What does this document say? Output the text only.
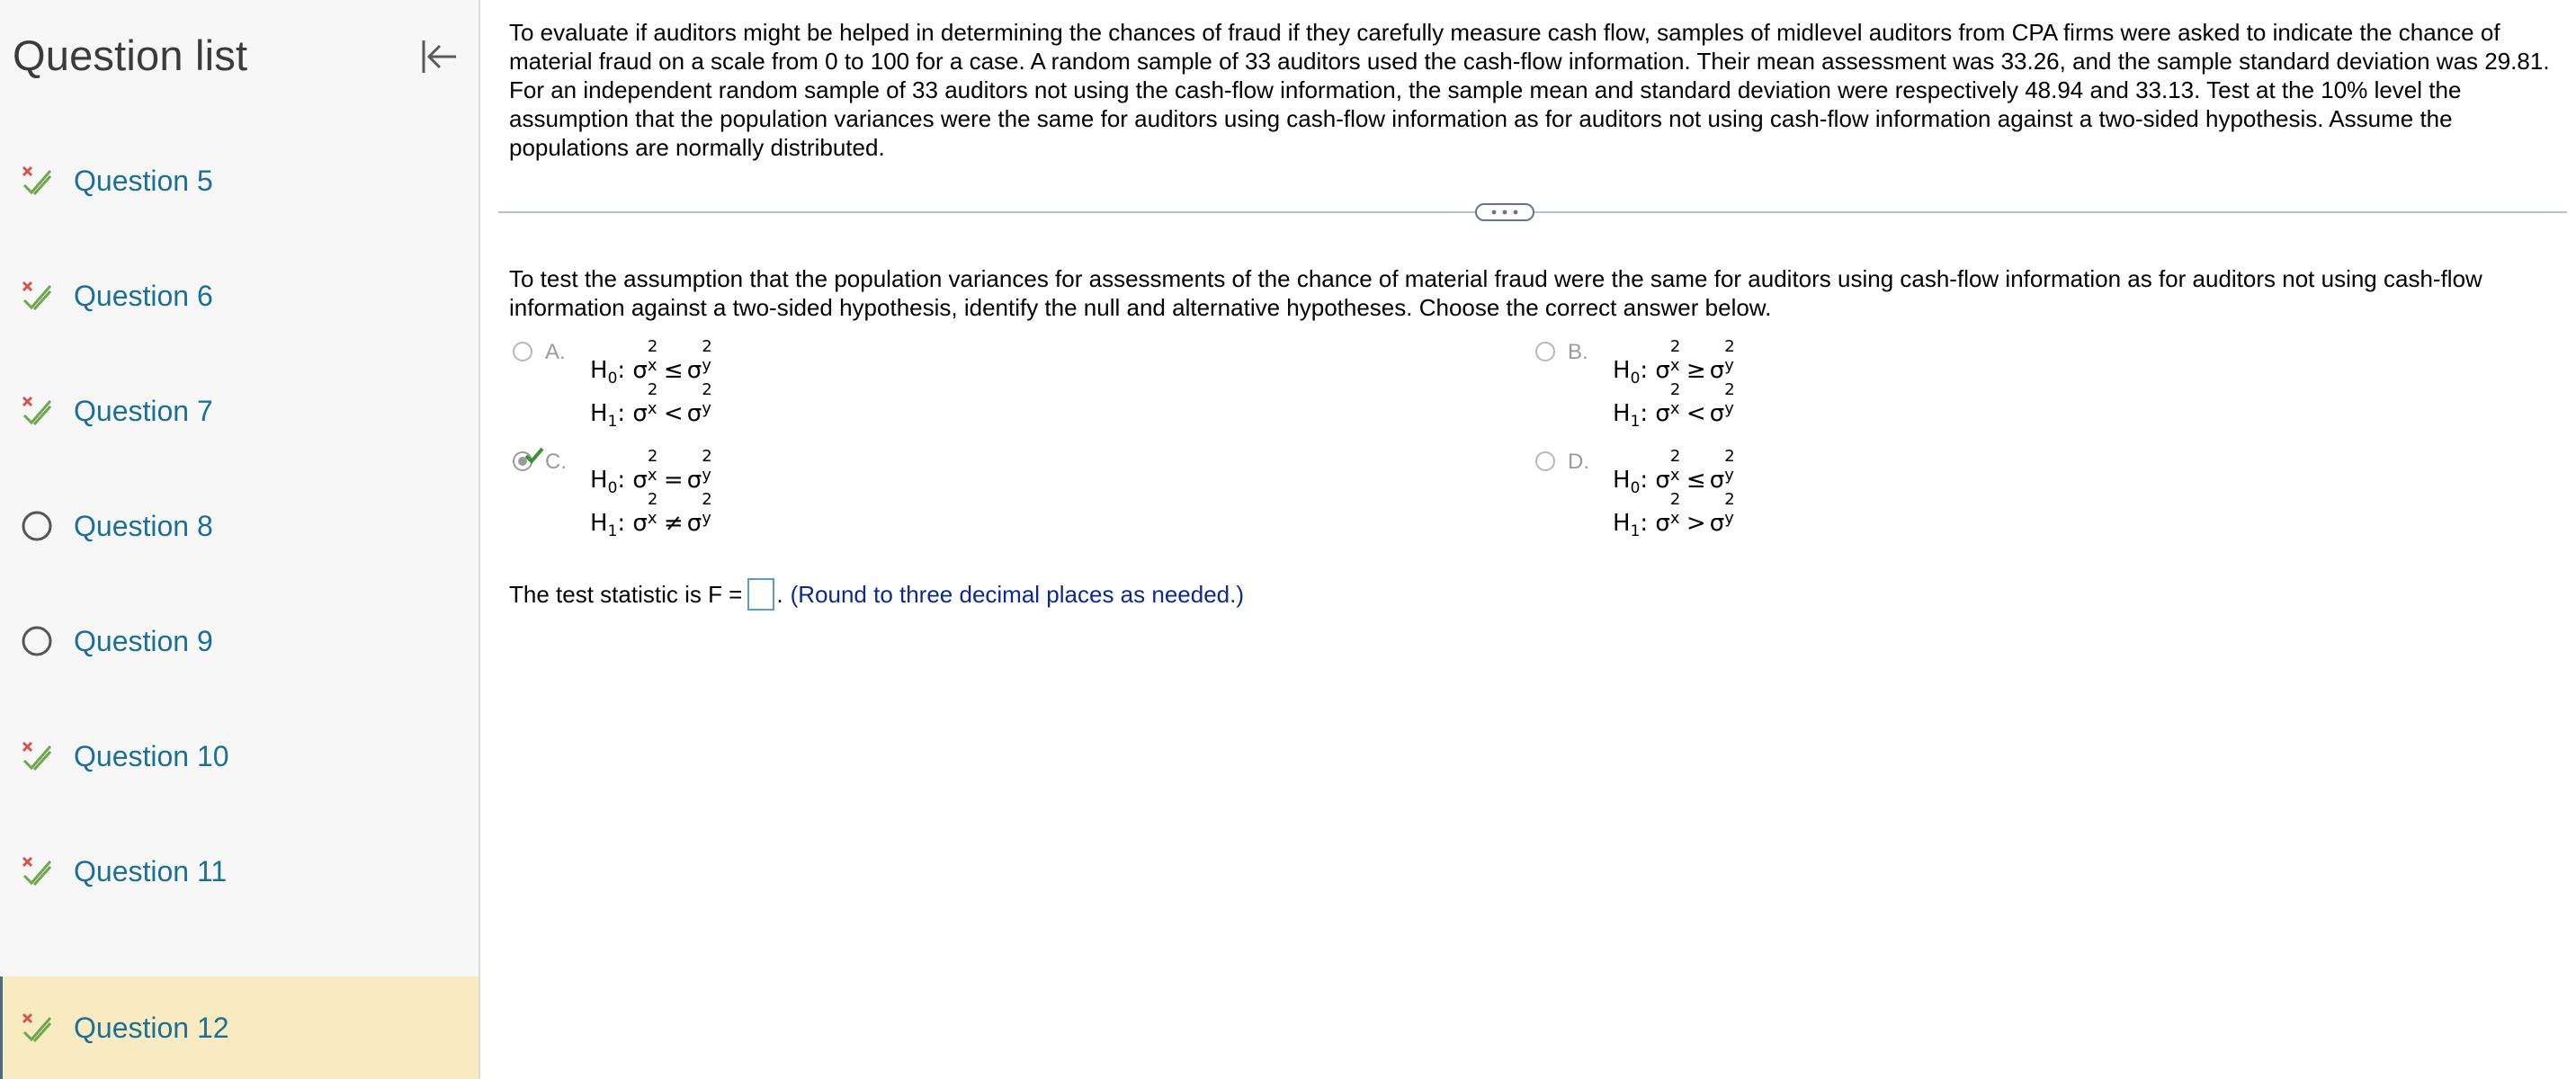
Question list
Question 5
Question 6
Question 7
Question 8
Question 9
Question 10
Question 11
Question 12

To evaluate if auditors might be helped in determining the chances of fraud if they carefully measure cash flow, samples of midlevel auditors from CPA firms were asked to indicate the chance of material fraud on a scale from 0 to 100 for a case. A random sample of 33 auditors used the cash-flow information. Their mean assessment was 33.26, and the sample standard deviation was 29.81. For an independent random sample of 33 auditors not using the cash-flow information, the sample mean and standard deviation were respectively 48.94 and 33.13. Test at the 10% level the assumption that the population variances were the same for auditors using cash-flow information as for auditors not using cash-flow information against a two-sided hypothesis. Assume the populations are normally distributed.

To test the assumption that the population variances for assessments of the chance of material fraud were the same for auditors using cash-flow information as for auditors not using cash-flow information against a two-sided hypothesis, identify the null and alternative hypotheses. Choose the correct answer below.

A.
$H_0$: σ
2
x ≤ σ
2
y
$H_1$: σ
2
x < σ
2
y
B.
$H_0$: σ
2
x ≥ σ
2
y
$H_1$: σ
2
x < σ
2
y
C.
$H_0$: σ
2
x = σ
2
y
$H_1$: σ
2
x ≠ σ
2
y
D.
$H_0$: σ
2
x ≤ σ
2
y
$H_1$: σ
2
x > σ
2
y
The test statistic is F = . (Round to three decimal places as needed.)
